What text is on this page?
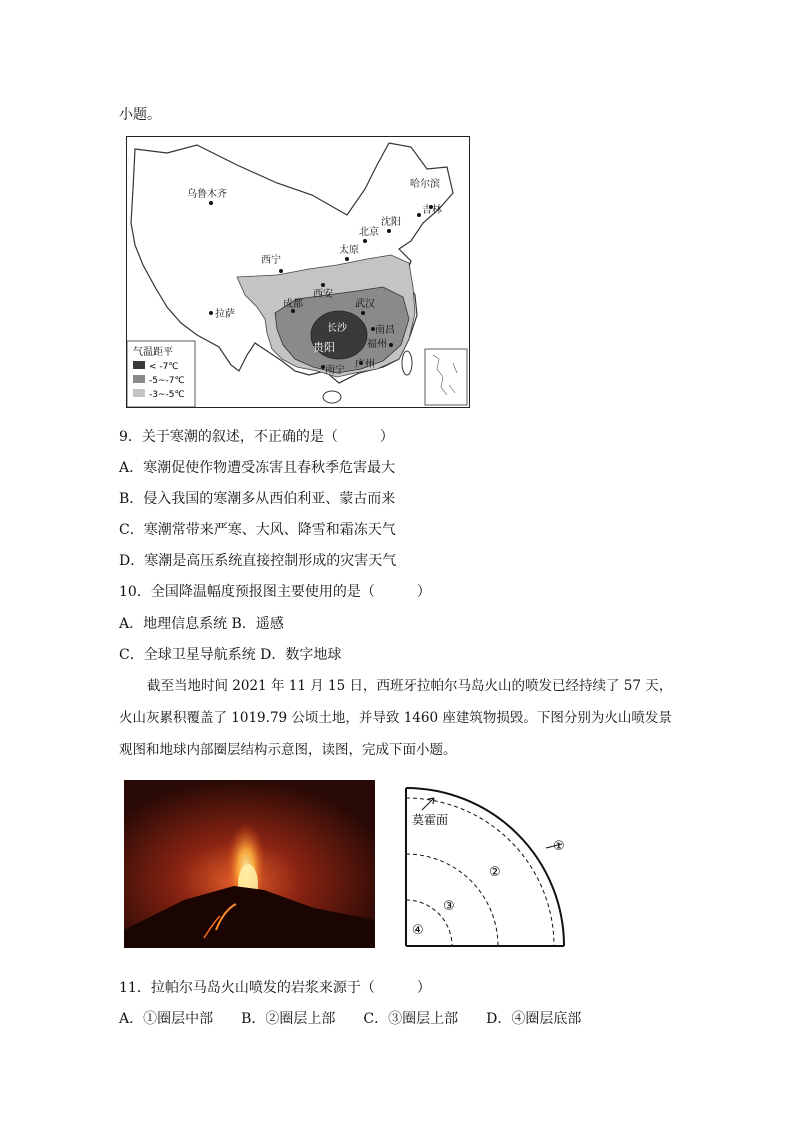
小题。
乌鲁木齐
哈尔滨
吉林
沈阳
北京
太原
西宁
西安
成都	武汉
拉萨
长沙
贵阳
南昌
福州
南宁
广州
气温距平
< -7℃
-5~-7℃
-3~-5℃
9．关于寒潮的叙述，不正确的是（　　　）
A．寒潮促使作物遭受冻害且春秋季危害最大
B．侵入我国的寒潮多从西伯利亚、蒙古而来
C．寒潮常带来严寒、大风、降雪和霜冻天气
D．寒潮是高压系统直接控制形成的灾害天气
10．全国降温幅度预报图主要使用的是（　　　）
A．地理信息系统 B．遥感
C．全球卫星导航系统 D．数字地球

截至当地时间 2021 年 11 月 15 日，西班牙拉帕尔马岛火山的喷发已经持续了 57 天，

火山灰累积覆盖了 1019.79 公顷土地，并导致 1460 座建筑物损毁。下图分别为火山喷发景

观图和地球内部圈层结构示意图，读图，完成下面小题。

莫霍面
①
②
③
④
11．拉帕尔马岛火山喷发的岩浆来源于（　　　）
A．①圈层中部　　B．②圈层上部　　C．③圈层上部　　D．④圈层底部
